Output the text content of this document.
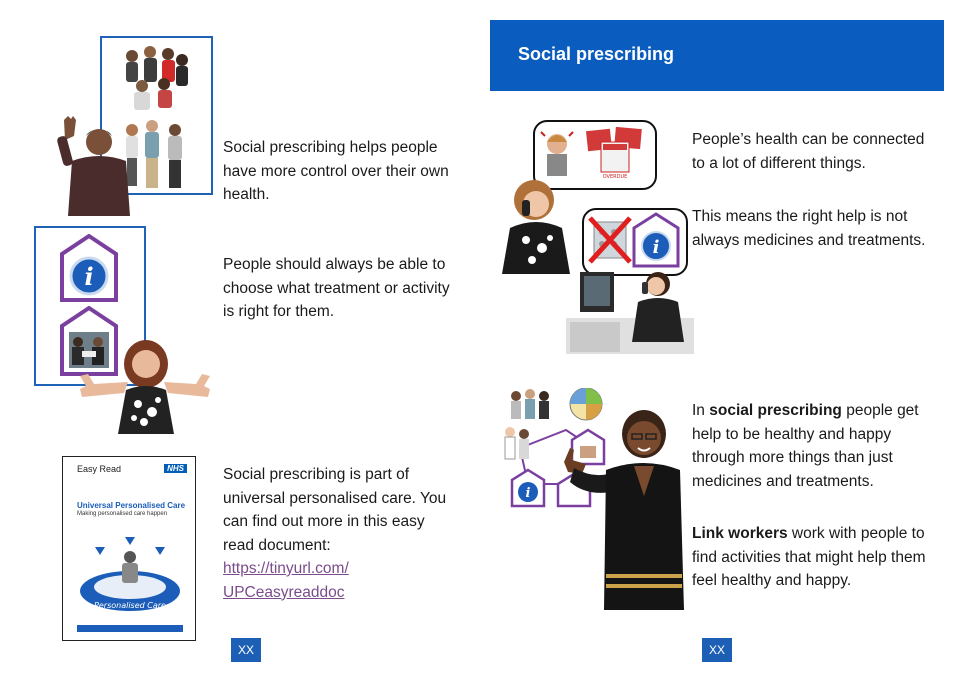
Social prescribing helps people have more control over their own health.
i	People should always be able to choose what treatment or activity is right for them.
Easy Read	NHS
Universal Personalised Care
Making personalised care happen
Personalised Care
Social prescribing is part of universal personalised care. You can find out more in this easy read document:
https://tinyurl.com/
UPCeasyreaddoc
XX
Social prescribing
OVERDUE
i
People’s health can be connected to a lot of different things.
This means the right help is not always medicines and treatments.
i
In social prescribing people get help to be healthy and happy through more things than just medicines and treatments.
Link workers work with people to find activities that might help them feel healthy and happy.
XX
